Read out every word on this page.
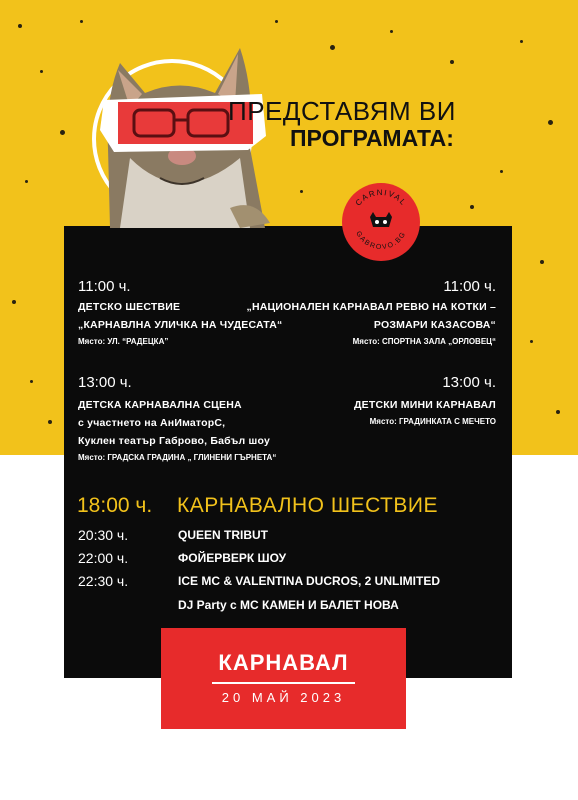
ПРЕДСТАВЯМ ВИ
ПРОГРАМАТА:
CARNIVAL
GABROVO.BG
11:00 ч.
ДЕТСКО ШЕСТВИЕ
„КАРНАВЛНА УЛИЧКА НА ЧУДЕСАТА“
Място: УЛ. “РАДЕЦКА”
11:00 ч.
„НАЦИОНАЛЕН КАРНАВАЛ РЕВЮ НА КОТКИ –
РОЗМАРИ КАЗАСОВА“
Място: СПОРТНА ЗАЛА „ОРЛОВЕЦ“
13:00 ч.
ДЕТСКА КАРНАВАЛНА СЦЕНА
с участнето на АнИматорС,
Куклен театър Габрово, Бабъл шоу
Място: ГРАДСКА ГРАДИНА „ ГЛИНЕНИ ГЪРНЕТА“
13:00 ч.
ДЕТСКИ МИНИ КАРНАВАЛ
Място: ГРАДИНКАТА С МЕЧЕТО
18:00 ч. КАРНАВАЛНО ШЕСТВИЕ
20:30 ч.	QUEEN TRIBUT
22:00 ч.	ФОЙЕРВЕРК ШОУ
22:30 ч.	ICE MC & VALENTINA DUCROS, 2 UNLIMITED
DJ Party с МС КАМЕН И БАЛЕТ НОВА
КАРНАВАЛ
20 МАЙ 2023
